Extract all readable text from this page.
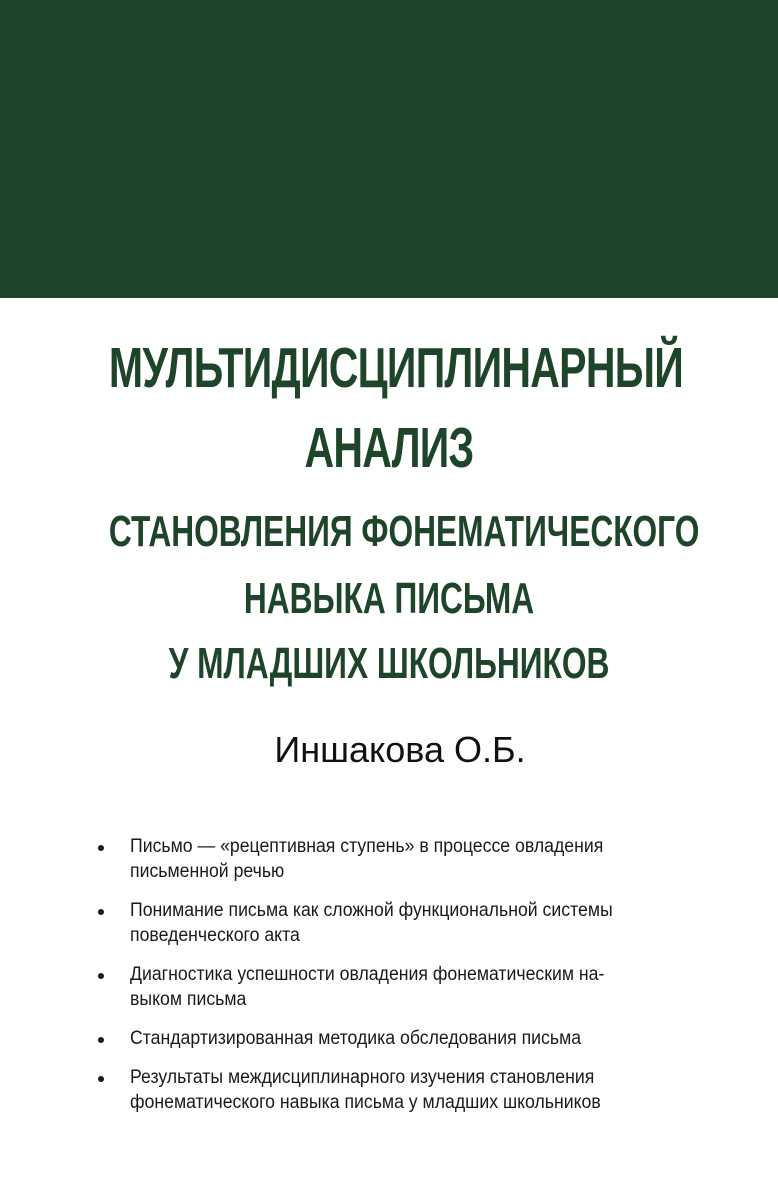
МУЛЬТИДИСЦИПЛИНАРНЫЙ
АНАЛИЗ
СТАНОВЛЕНИЯ ФОНЕМАТИЧЕСКОГО
НАВЫКА ПИСЬМА
У МЛАДШИХ ШКОЛЬНИКОВ
Иншакова О.Б.
Письмо — «рецептивная ступень» в процессе овладения
письменной речью
Понимание письма как сложной функциональной системы
поведенческого акта
Диагностика успешности овладения фонематическим на-
выком письма
Стандартизированная методика обследования письма
Результаты междисциплинарного изучения становления
фонематического навыка письма у младших школьников
